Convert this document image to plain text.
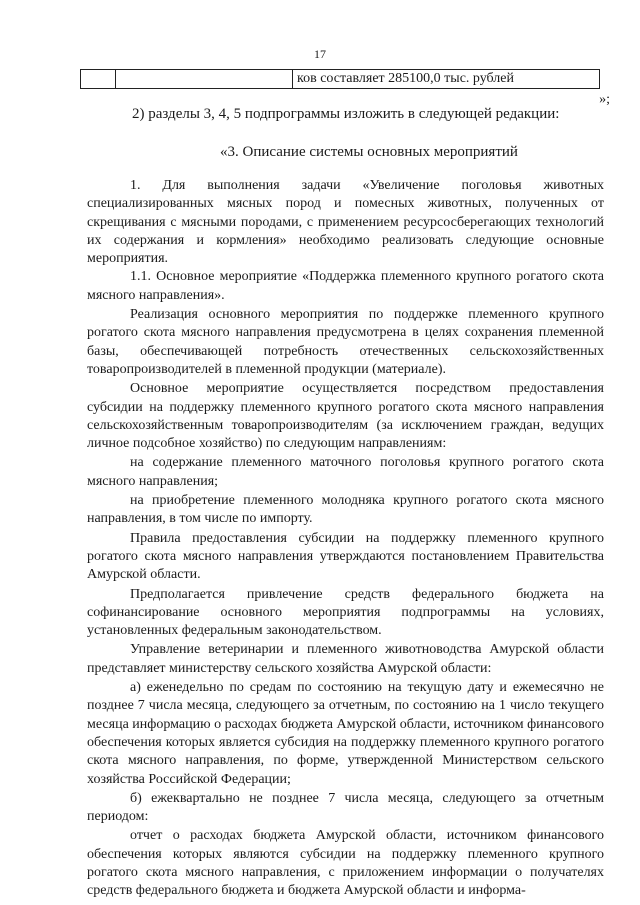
17
ков составляет 285100,0 тыс. рублей
»;
2) разделы 3, 4, 5 подпрограммы изложить в следующей редакции:
«3. Описание системы основных мероприятий

1. Для выполнения задачи «Увеличение поголовья животных специализированных мясных пород и помесных животных, полученных от скрещивания с мясными породами, с применением ресурсосберегающих технологий их содержания и кормления» необходимо реализовать следующие основные мероприятия.

1.1. Основное мероприятие «Поддержка племенного крупного рогатого скота мясного направления».

Реализация основного мероприятия по поддержке племенного крупного рогатого скота мясного направления предусмотрена в целях сохранения племенной базы, обеспечивающей потребность отечественных сельскохозяйственных товаропроизводителей в племенной продукции (материале).

Основное мероприятие осуществляется посредством предоставления субсидии на поддержку племенного крупного рогатого скота мясного направления сельскохозяйственным товаропроизводителям (за исключением граждан, ведущих личное подсобное хозяйство) по следующим направлениям:

на содержание племенного маточного поголовья крупного рогатого скота мясного направления;

на приобретение племенного молодняка крупного рогатого скота мясного направления, в том числе по импорту.

Правила предоставления субсидии на поддержку племенного крупного рогатого скота мясного направления утверждаются постановлением Правительства Амурской области.

Предполагается привлечение средств федерального бюджета на софинансирование основного мероприятия подпрограммы на условиях, установленных федеральным законодательством.

Управление ветеринарии и племенного животноводства Амурской области представляет министерству сельского хозяйства Амурской области:

а) еженедельно по средам по состоянию на текущую дату и ежемесячно не позднее 7 числа месяца, следующего за отчетным, по состоянию на 1 число текущего месяца информацию о расходах бюджета Амурской области, источником финансового обеспечения которых является субсидия на поддержку племенного крупного рогатого скота мясного направления, по форме, утвержденной Министерством сельского хозяйства Российской Федерации;

б) ежеквартально не позднее 7 числа месяца, следующего за отчетным периодом:

отчет о расходах бюджета Амурской области, источником финансового обеспечения которых являются субсидии на поддержку племенного крупного рогатого скота мясного направления, с приложением информации о получателях средств федерального бюджета и бюджета Амурской области и информа-
